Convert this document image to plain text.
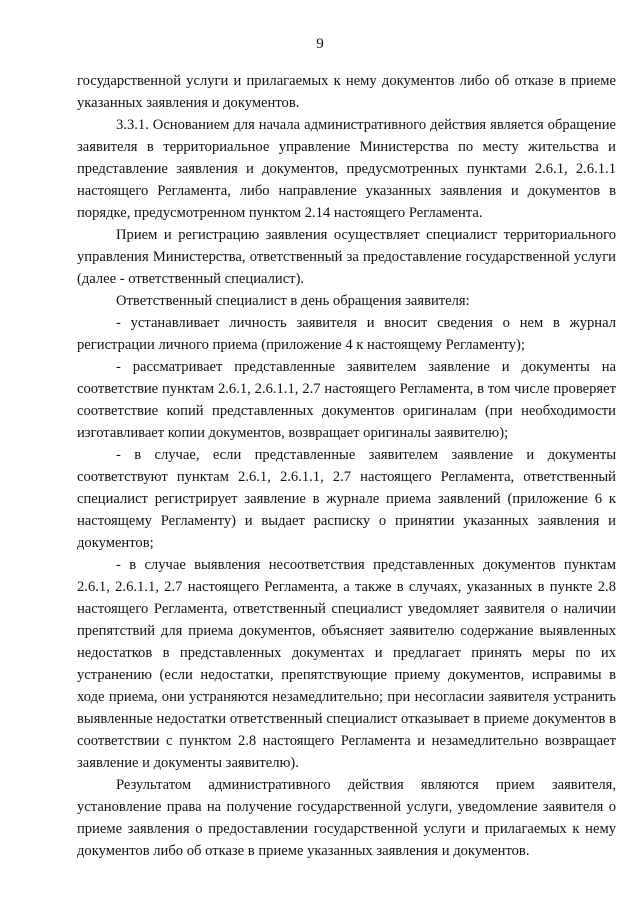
9

государственной услуги и прилагаемых к нему документов либо об отказе в приеме указанных заявления и документов.

3.3.1. Основанием для начала административного действия является обращение заявителя в территориальное управление Министерства по месту жительства и представление заявления и документов, предусмотренных пунктами 2.6.1, 2.6.1.1 настоящего Регламента, либо направление указанных заявления и документов в порядке, предусмотренном пунктом 2.14 настоящего Регламента.

Прием и регистрацию заявления осуществляет специалист территориального управления Министерства, ответственный за предоставление государственной услуги (далее - ответственный специалист).

Ответственный специалист в день обращения заявителя:

- устанавливает личность заявителя и вносит сведения о нем в журнал регистрации личного приема (приложение 4 к настоящему Регламенту);

- рассматривает представленные заявителем заявление и документы на соответствие пунктам 2.6.1, 2.6.1.1, 2.7 настоящего Регламента, в том числе проверяет соответствие копий представленных документов оригиналам (при необходимости изготавливает копии документов, возвращает оригиналы заявителю);

- в случае, если представленные заявителем заявление и документы соответствуют пунктам 2.6.1, 2.6.1.1, 2.7 настоящего Регламента, ответственный специалист регистрирует заявление в журнале приема заявлений (приложение 6 к настоящему Регламенту) и выдает расписку о принятии указанных заявления и документов;

- в случае выявления несоответствия представленных документов пунктам 2.6.1, 2.6.1.1, 2.7 настоящего Регламента, а также в случаях, указанных в пункте 2.8 настоящего Регламента, ответственный специалист уведомляет заявителя о наличии препятствий для приема документов, объясняет заявителю содержание выявленных недостатков в представленных документах и предлагает принять меры по их устранению (если недостатки, препятствующие приему документов, исправимы в ходе приема, они устраняются незамедлительно; при несогласии заявителя устранить выявленные недостатки ответственный специалист отказывает в приеме документов в соответствии с пунктом 2.8 настоящего Регламента и незамедлительно возвращает заявление и документы заявителю).

Результатом административного действия являются прием заявителя, установление права на получение государственной услуги, уведомление заявителя о приеме заявления о предоставлении государственной услуги и прилагаемых к нему документов либо об отказе в приеме указанных заявления и документов.
